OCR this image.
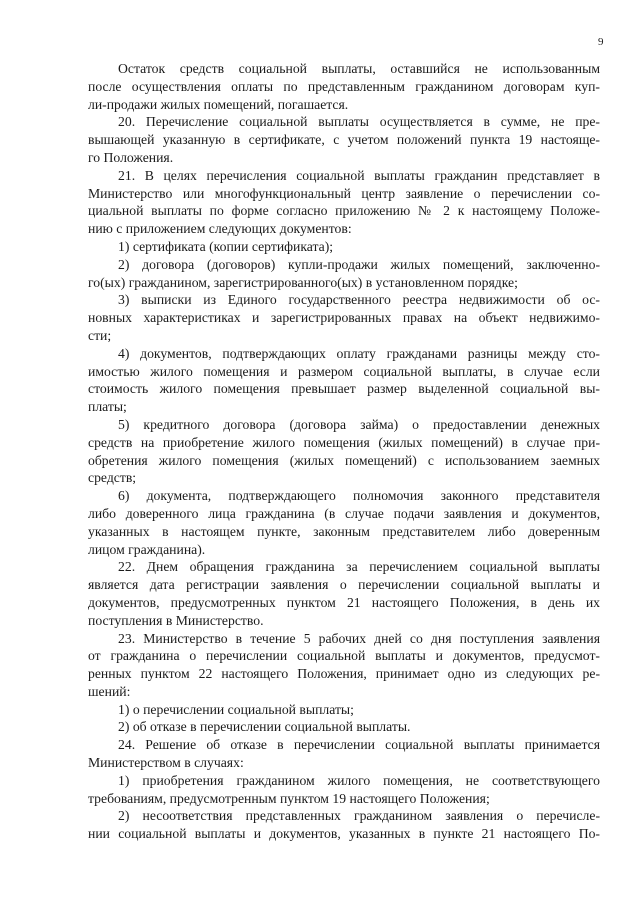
9
Остаток средств социальной выплаты, оставшийся не использованным
после осуществления оплаты по представленным гражданином договорам куп-
ли-продажи жилых помещений, погашается.
20. Перечисление социальной выплаты осуществляется в сумме, не пре-
вышающей указанную в сертификате, с учетом положений пункта 19 настояще-
го Положения.
21. В целях перечисления социальной выплаты гражданин представляет в
Министерство или многофункциональный центр заявление о перечислении со-
циальной выплаты по форме согласно приложению № 2 к настоящему Положе-
нию с приложением следующих документов:
1) сертификата (копии сертификата);
2) договора (договоров) купли-продажи жилых помещений, заключенно-
го(ых) гражданином, зарегистрированного(ых) в установленном порядке;
3) выписки из Единого государственного реестра недвижимости об ос-
новных характеристиках и зарегистрированных правах на объект недвижимо-
сти;
4) документов, подтверждающих оплату гражданами разницы между сто-
имостью жилого помещения и размером социальной выплаты, в случае если
стоимость жилого помещения превышает размер выделенной социальной вы-
платы;
5) кредитного договора (договора займа) о предоставлении денежных
средств на приобретение жилого помещения (жилых помещений) в случае при-
обретения жилого помещения (жилых помещений) с использованием заемных
средств;
6) документа, подтверждающего полномочия законного представителя
либо доверенного лица гражданина (в случае подачи заявления и документов,
указанных в настоящем пункте, законным представителем либо доверенным
лицом гражданина).
22. Днем обращения гражданина за перечислением социальной выплаты
является дата регистрации заявления о перечислении социальной выплаты и
документов, предусмотренных пунктом 21 настоящего Положения, в день их
поступления в Министерство.
23. Министерство в течение 5 рабочих дней со дня поступления заявления
от гражданина о перечислении социальной выплаты и документов, предусмот-
ренных пунктом 22 настоящего Положения, принимает одно из следующих ре-
шений:
1) о перечислении социальной выплаты;
2) об отказе в перечислении социальной выплаты.
24. Решение об отказе в перечислении социальной выплаты принимается
Министерством в случаях:
1) приобретения гражданином жилого помещения, не соответствующего
требованиям, предусмотренным пунктом 19 настоящего Положения;
2) несоответствия представленных гражданином заявления о перечисле-
нии социальной выплаты и документов, указанных в пункте 21 настоящего По-
